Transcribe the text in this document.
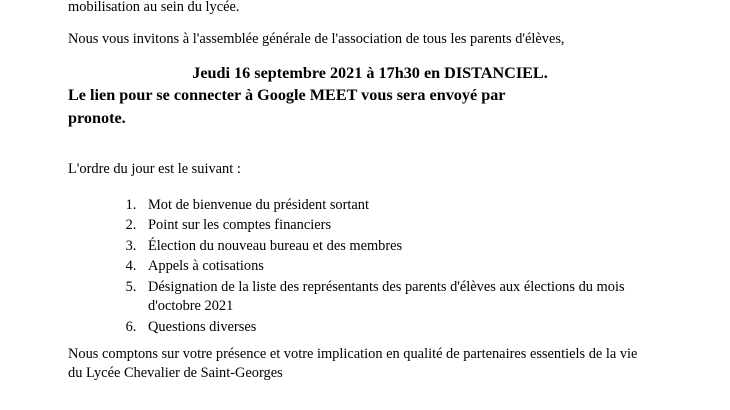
mobilisation au sein du lycée.
Nous vous invitons à l'assemblée générale de l'association de tous les parents d'élèves,
Jeudi 16 septembre 2021 à 17h30 en DISTANCIEL.
Le lien pour se connecter à Google MEET vous sera envoyé par
pronote.
L'ordre du jour est le suivant :
1. Mot de bienvenue du président sortant
2. Point sur les comptes financiers
3. Élection du nouveau bureau et des membres
4. Appels à cotisations
5. Désignation de la liste des représentants des parents d'élèves aux élections du mois d'octobre 2021
6. Questions diverses
Nous comptons sur votre présence et votre implication en qualité de partenaires essentiels de la vie
du Lycée Chevalier de Saint-Georges
